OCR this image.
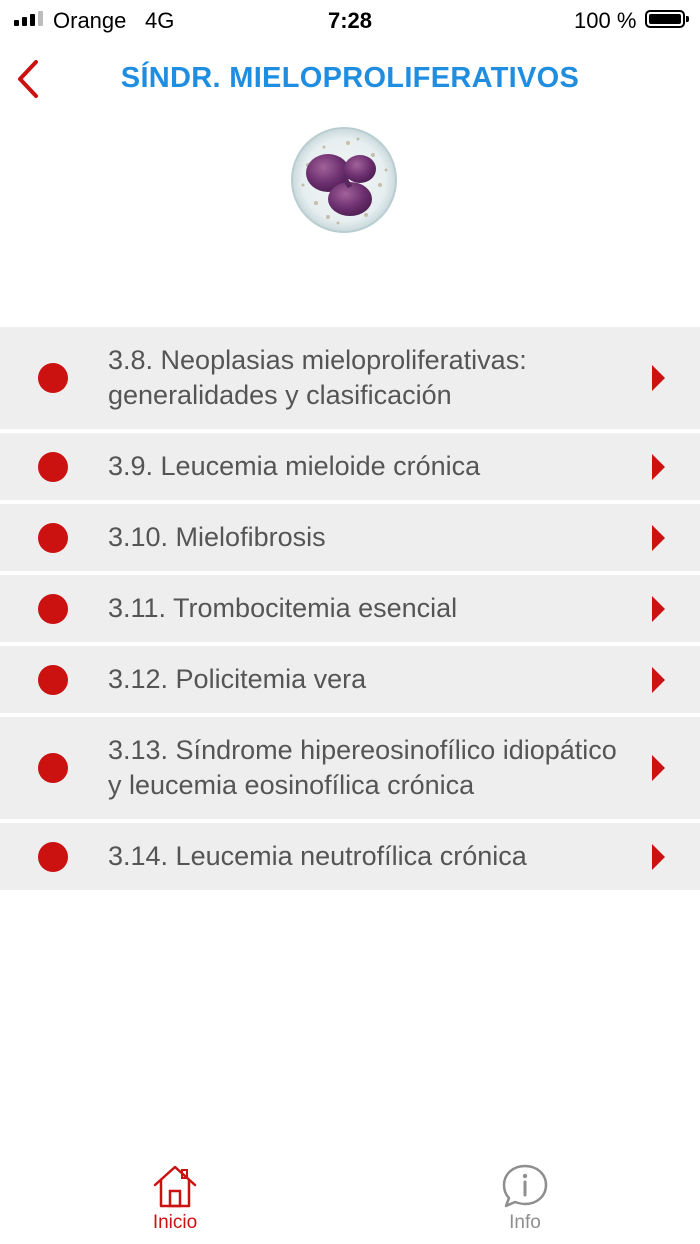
Orange 4G	7:28	100 %
SÍNDR. MIELOPROLIFERATIVOS
3.8. Neoplasias mieloproliferativas: generalidades y clasificación
3.9. Leucemia mieloide crónica
3.10. Mielofibrosis
3.11. Trombocitemia esencial
3.12. Policitemia vera
3.13. Síndrome hipereosinofílico idiopático y leucemia eosinofílica crónica
3.14. Leucemia neutrofílica crónica
Inicio	Info
